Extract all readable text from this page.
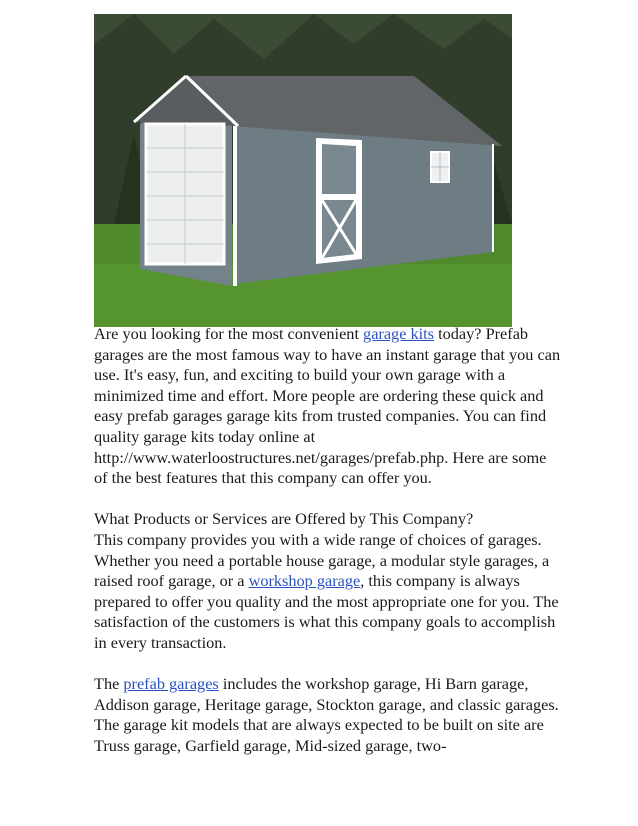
Are you looking for the most convenient garage kits today? Prefab garages are the most famous way to have an instant garage that you can use. It's easy, fun, and exciting to build your own garage with a minimized time and effort. More people are ordering these quick and easy prefab garages garage kits from trusted companies. You can find quality garage kits today online at http://www.waterloostructures.net/garages/prefab.php. Here are some of the best features that this company can offer you.

What Products or Services are Offered by This Company?
This company provides you with a wide range of choices of garages. Whether you need a portable house garage, a modular style garages, a raised roof garage, or a workshop garage, this company is always prepared to offer you quality and the most appropriate one for you. The satisfaction of the customers is what this company goals to accomplish in every transaction.

The prefab garages includes the workshop garage, Hi Barn garage, Addison garage, Heritage garage, Stockton garage, and classic garages. The garage kit models that are always expected to be built on site are Truss garage, Garfield garage, Mid-sized garage, two-
